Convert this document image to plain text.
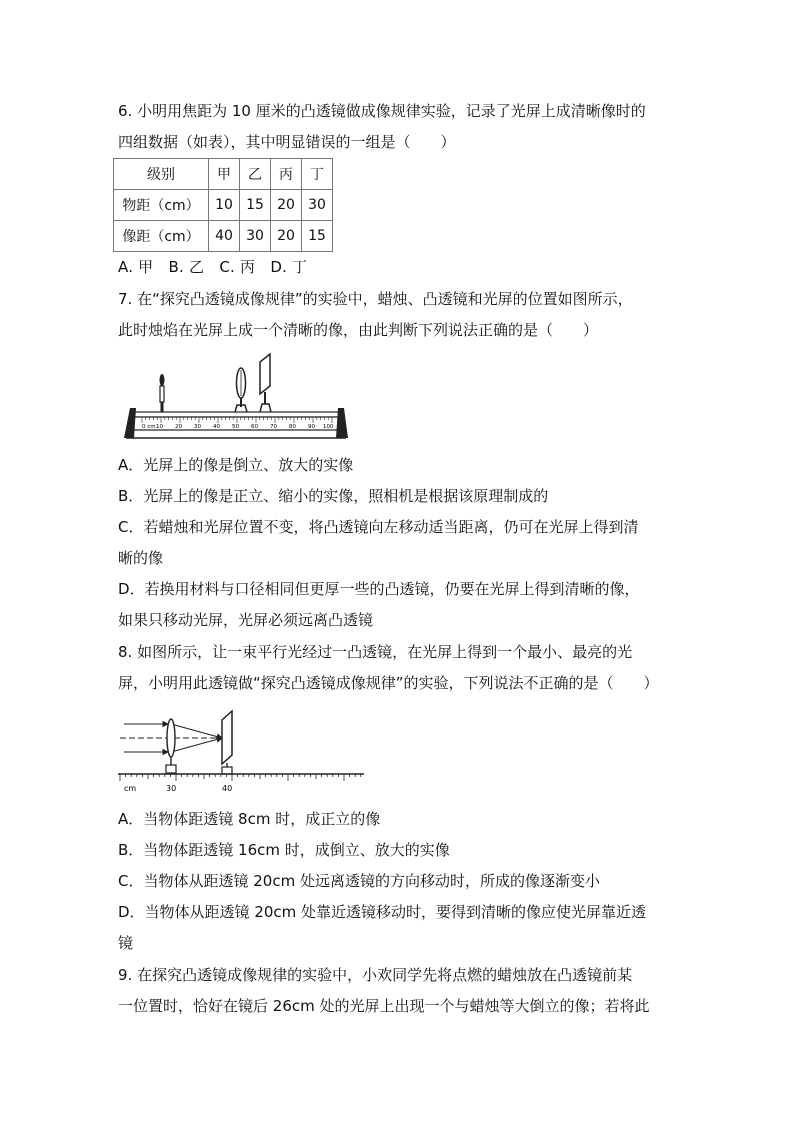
6. 小明用焦距为 10 厘米的凸透镜做成像规律实验，记录了光屏上成清晰像时的
四组数据（如表），其中明显错误的一组是（　　）
级别	甲	乙	丙	丁
物距（cm）	10	15	20	30
像距（cm）	40	30	20	15
A. 甲　B. 乙　C. 丙　D. 丁
7. 在“探究凸透镜成像规律”的实验中，蜡烛、凸透镜和光屏的位置如图所示，
此时烛焰在光屏上成一个清晰的像，由此判断下列说法正确的是（　　）
0 cm 10 20 30 40 50 60 70 80 90 100
A．光屏上的像是倒立、放大的实像
B．光屏上的像是正立、缩小的实像，照相机是根据该原理制成的
C．若蜡烛和光屏位置不变，将凸透镜向左移动适当距离，仍可在光屏上得到清
晰的像
D．若换用材料与口径相同但更厚一些的凸透镜，仍要在光屏上得到清晰的像，
如果只移动光屏，光屏必须远离凸透镜
8. 如图所示，让一束平行光经过一凸透镜，在光屏上得到一个最小、最亮的光
屏，小明用此透镜做“探究凸透镜成像规律”的实验，下列说法不正确的是（　　）
cm	30	40
A．当物体距透镜 8cm 时，成正立的像
B．当物体距透镜 16cm 时，成倒立、放大的实像
C．当物体从距透镜 20cm 处远离透镜的方向移动时，所成的像逐渐变小
D．当物体从距透镜 20cm 处靠近透镜移动时，要得到清晰的像应使光屏靠近透
镜
9. 在探究凸透镜成像规律的实验中，小欢同学先将点燃的蜡烛放在凸透镜前某
一位置时，恰好在镜后 26cm 处的光屏上出现一个与蜡烛等大倒立的像；若将此
